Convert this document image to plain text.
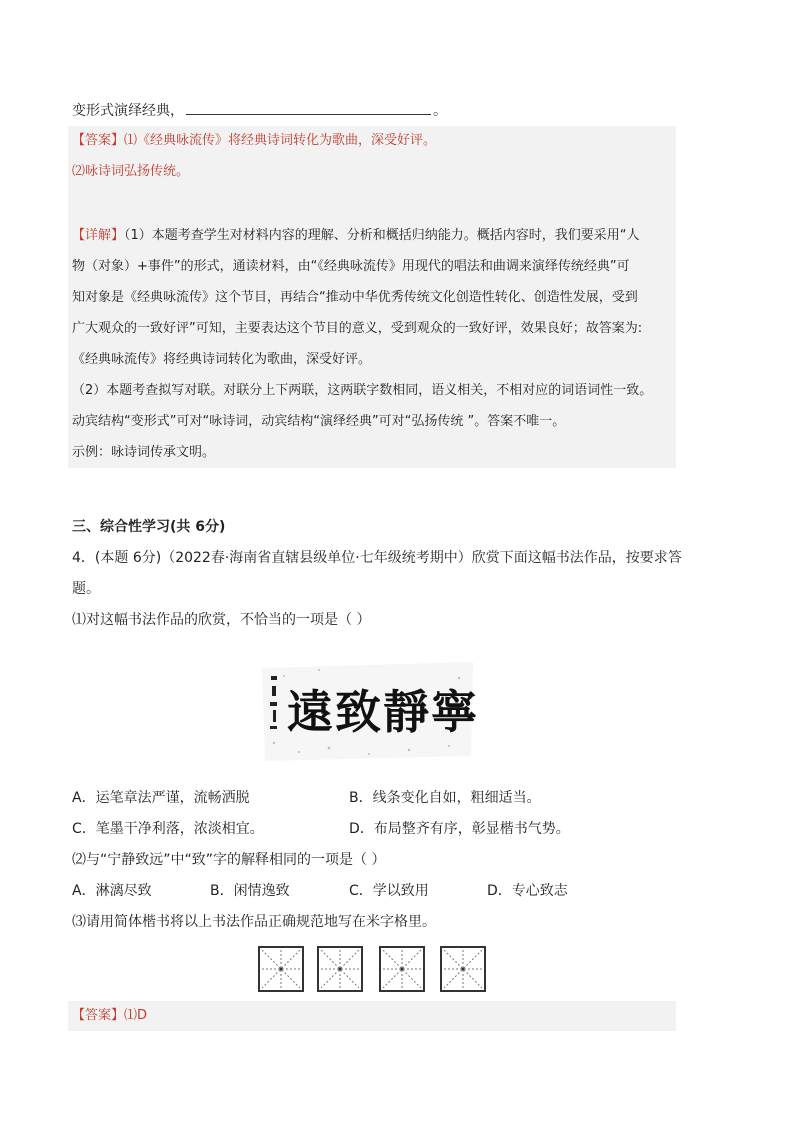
变形式演绎经典，	。
【答案】⑴《经典咏流传》将经典诗词转化为歌曲，深受好评。
⑵咏诗词弘扬传统。
【详解】（1）本题考查学生对材料内容的理解、分析和概括归纳能力。概括内容时，我们要采用“人
物（对象）+事件”的形式，通读材料，由“《经典咏流传》用现代的唱法和曲调来演绎传统经典”可
知对象是《经典咏流传》这个节目，再结合“推动中华优秀传统文化创造性转化、创造性发展，受到
广大观众的一致好评”可知，主要表达这个节目的意义，受到观众的一致好评，效果良好；故答案为:
《经典咏流传》将经典诗词转化为歌曲，深受好评。
（2）本题考查拟写对联。对联分上下两联，这两联字数相同，语义相关，不相对应的词语词性一致。
动宾结构“变形式”可对“咏诗词，动宾结构“演绎经典”可对“弘扬传统 ”。答案不唯一。
示例：咏诗词传承文明。
三、综合性学习(共 6分)
4．(本题 6分)（2022春·海南省直辖县级单位·七年级统考期中）欣赏下面这幅书法作品，按要求答
题。
⑴对这幅书法作品的欣赏，不恰当的一项是（ ）
遠致靜寧
A．运笔章法严谨，流畅洒脱	B．线条变化自如，粗细适当。
C．笔墨干净利落，浓淡相宜。	D．布局整齐有序，彰显楷书气势。
⑵与“宁静致远”中“致”字的解释相同的一项是（ ）
A．淋漓尽致	B．闲情逸致	C．学以致用	D．专心致志
⑶请用简体楷书将以上书法作品正确规范地写在米字格里。
【答案】⑴D
